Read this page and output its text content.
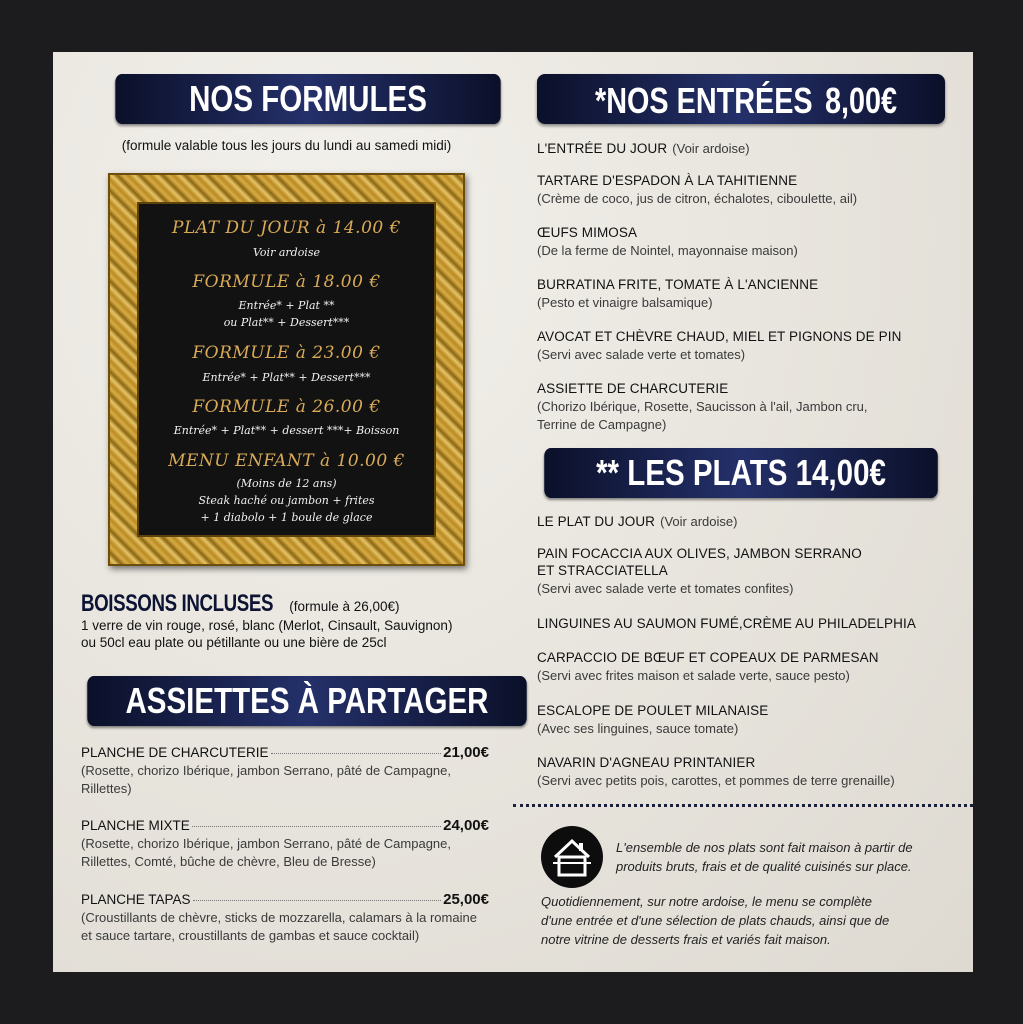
NOS FORMULES
(formule valable tous les jours du lundi au samedi midi)
PLAT DU JOUR à 14.00 €
Voir ardoise
FORMULE à 18.00 €
Entrée* + Plat **
ou Plat** + Dessert***
FORMULE à 23.00 €
Entrée* + Plat** + Dessert***
FORMULE à 26.00 €
Entrée* + Plat** + dessert ***+ Boisson
MENU ENFANT à 10.00 €
(Moins de 12 ans)
Steak haché ou jambon + frites
+ 1 diabolo + 1 boule de glace
BOISSONS INCLUSES (formule à 26,00€)
1 verre de vin rouge, rosé, blanc (Merlot, Cinsault, Sauvignon)
ou 50cl eau plate ou pétillante ou une bière de 25cl
ASSIETTES À PARTAGER
PLANCHE DE CHARCUTERIE	21,00€
(Rosette, chorizo Ibérique, jambon Serrano, pâté de Campagne,
Rillettes)
PLANCHE MIXTE	24,00€
(Rosette, chorizo Ibérique, jambon Serrano, pâté de Campagne,
Rillettes, Comté, bûche de chèvre, Bleu de Bresse)
PLANCHE TAPAS	25,00€
(Croustillants de chèvre, sticks de mozzarella, calamars à la romaine
et sauce tartare, croustillants de gambas et sauce cocktail)
*NOS ENTRÉES 8,00€
L'ENTRÉE DU JOUR (Voir ardoise)
TARTARE D'ESPADON À LA TAHITIENNE
(Crème de coco, jus de citron, échalotes, ciboulette, ail)
ŒUFS MIMOSA
(De la ferme de Nointel, mayonnaise maison)
BURRATINA FRITE, TOMATE À L'ANCIENNE
(Pesto et vinaigre balsamique)
AVOCAT ET CHÈVRE CHAUD, MIEL ET PIGNONS DE PIN
(Servi avec salade verte et tomates)
ASSIETTE DE CHARCUTERIE
(Chorizo Ibérique, Rosette, Saucisson à l'ail, Jambon cru,
Terrine de Campagne)
** LES PLATS 14,00€
LE PLAT DU JOUR (Voir ardoise)
PAIN FOCACCIA AUX OLIVES, JAMBON SERRANO
ET STRACCIATELLA
(Servi avec salade verte et tomates confites)
LINGUINES AU SAUMON FUMÉ,CRÈME AU PHILADELPHIA
CARPACCIO DE BŒUF ET COPEAUX DE PARMESAN
(Servi avec frites maison et salade verte, sauce pesto)
ESCALOPE DE POULET MILANAISE
(Avec ses linguines, sauce tomate)
NAVARIN D'AGNEAU PRINTANIER
(Servi avec petits pois, carottes, et pommes de terre grenaille)
L'ensemble de nos plats sont fait maison à partir de
produits bruts, frais et de qualité cuisinés sur place.
Quotidiennement, sur notre ardoise, le menu se complète
d'une entrée et d'une sélection de plats chauds, ainsi que de
notre vitrine de desserts frais et variés fait maison.
